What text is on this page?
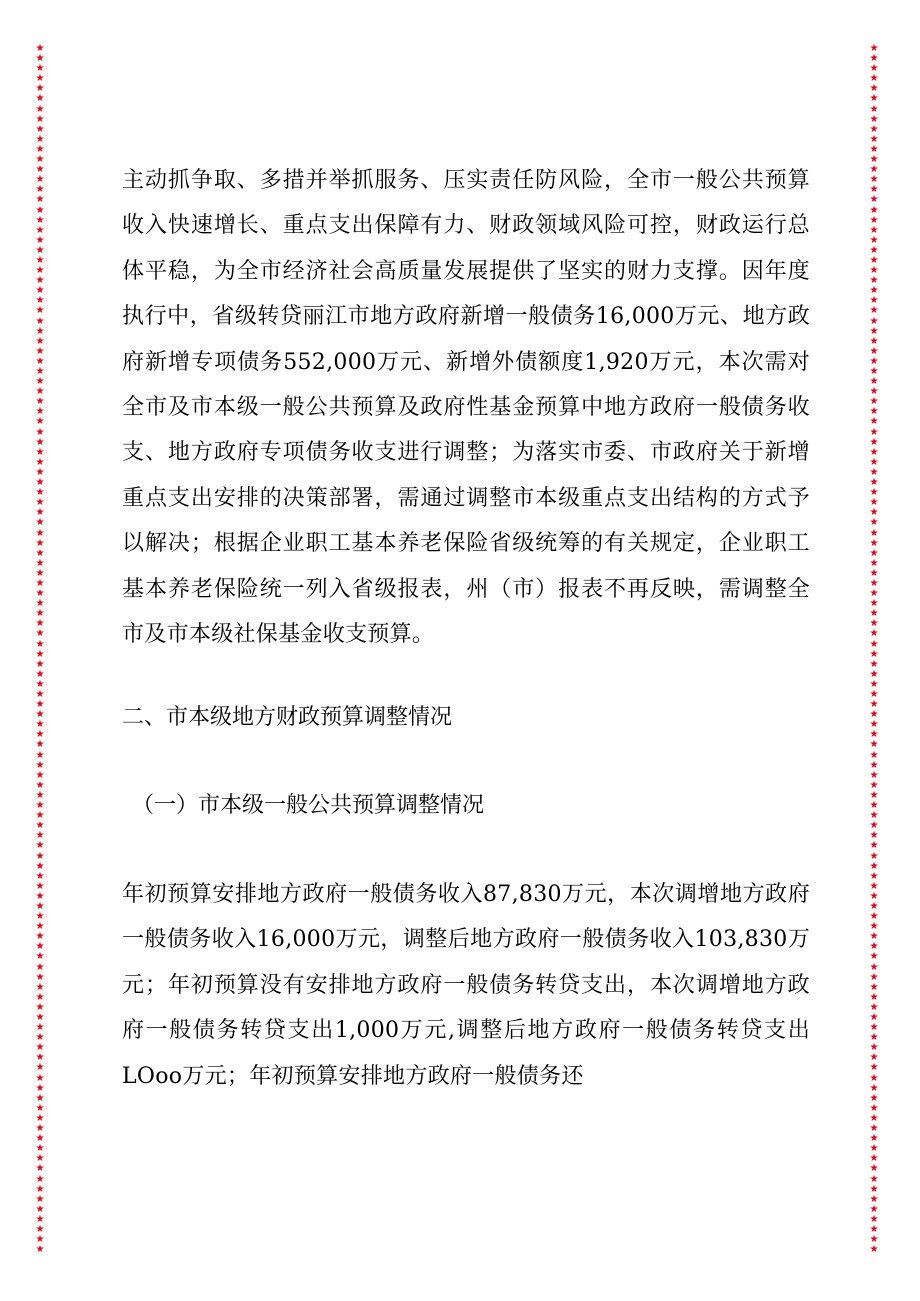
★
★
★
★
★
★
★
★
★
★
★
★
★
★
★
★
★
★
★
★
★
★
★
★
★
★
★
★
★
★
★
★
★
★
★
★
★
★
★
★
★
★
★
★
★
★
★
★
★
★
★
★
★
★
★
★
★
★
★
★
★
★
★
★
★
★
★
★
★
★
★
★
★
★
★
★
★
★
★
★
★
★
★
★
★
★
★
★
★
★
★
★
★
★
★
★
★
★
★
★
★
★
★
★
★
★
★
★
★
★
★
★
★
★
★
★
★
★
★
★
★
★
★
★
★
★
★
★
★
★
★
★
★
★
★
★
★
★
★
★
★
★
★
★
★
★
★
★
★
★
★
★
★
★
★
★
★
★
★
★
★
★
★
★
★
★
★
★
★
★
★
★
★
★
★
★
★
★
★
★
★
★
★
★
★
★
★
★
★
★
★
★
★
★
★
★
★
★
★
★
★
★
★
★
★
★
★
★
★
★
★
★
★
★
★
★
★
★
★
★
★
★
★
★
★
★
★
★
★
★
★
★
★
★
★
★
★
★
★
★

主动抓争取、多措并举抓服务、压实责任防风险，全市一般公共预算收入快速增长、重点支出保障有力、财政领域风险可控，财政运行总体平稳，为全市经济社会高质量发展提供了坚实的财力支撑。因年度执行中，省级转贷丽江市地方政府新增一般债务16,000万元、地方政府新增专项债务552,000万元、新增外债额度1,920万元，本次需对全市及市本级一般公共预算及政府性基金预算中地方政府一般债务收支、地方政府专项债务收支进行调整；为落实市委、市政府关于新增重点支出安排的决策部署，需通过调整市本级重点支出结构的方式予以解决；根据企业职工基本养老保险省级统筹的有关规定，企业职工基本养老保险统一列入省级报表，州（市）报表不再反映，需调整全市及市本级社保基金收支预算。

二、市本级地方财政预算调整情况

（一）市本级一般公共预算调整情况

年初预算安排地方政府一般债务收入87,830万元，本次调增地方政府一般债务收入16,000万元，调整后地方政府一般债务收入103,830万元；年初预算没有安排地方政府一般债务转贷支出，本次调增地方政府一般债务转贷支出1,000万元,调整后地方政府一般债务转贷支出LOoo万元；年初预算安排地方政府一般债务还
